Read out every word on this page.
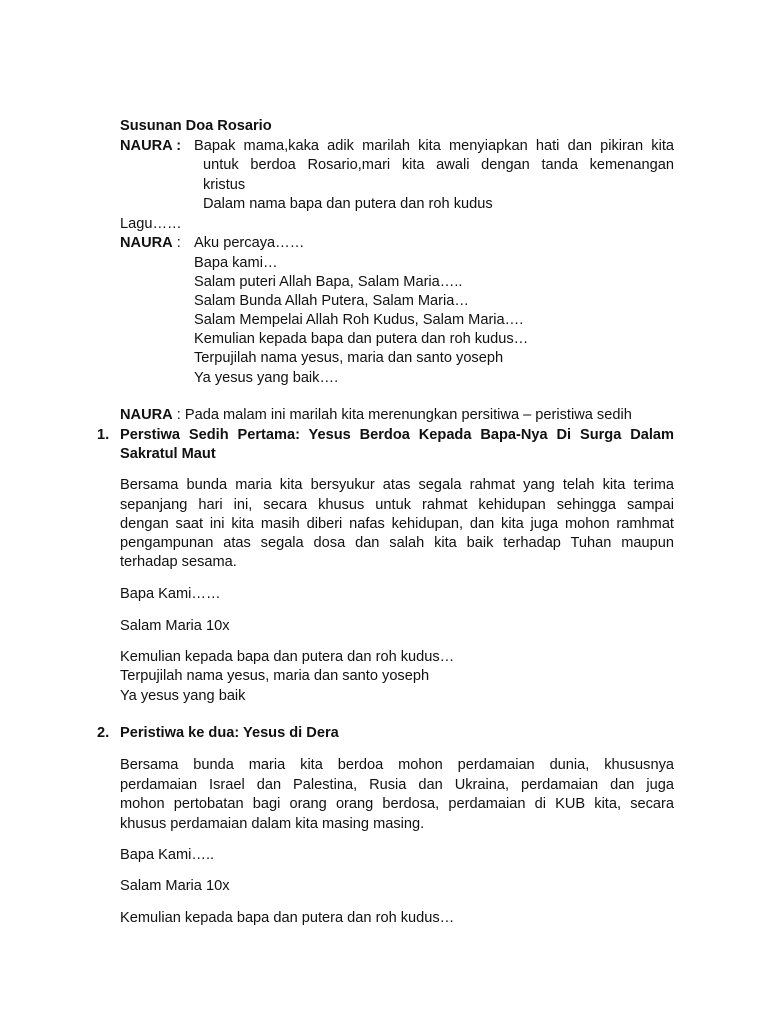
Susunan Doa Rosario
NAURA : Bapak mama,kaka adik marilah kita menyiapkan hati dan pikiran kita
untuk berdoa Rosario,mari kita awali dengan tanda kemenangan
kristus
Dalam nama bapa dan putera dan roh kudus
Lagu……
NAURA : Aku percaya……
Bapa kami…
Salam puteri Allah Bapa, Salam Maria…..
Salam Bunda Allah Putera, Salam Maria…
Salam Mempelai Allah Roh Kudus, Salam Maria….
Kemulian kepada bapa dan putera dan roh kudus…
Terpujilah nama yesus, maria dan santo yoseph
Ya yesus yang baik….
NAURA : Pada malam ini marilah kita merenungkan persitiwa – peristiwa sedih
1. Perstiwa Sedih Pertama: Yesus Berdoa Kepada Bapa-Nya Di Surga Dalam
Sakratul Maut
Bersama bunda maria kita bersyukur atas segala rahmat yang telah kita terima
sepanjang hari ini, secara khusus untuk rahmat kehidupan sehingga sampai
dengan saat ini kita masih diberi nafas kehidupan, dan kita juga mohon ramhmat
pengampunan atas segala dosa dan salah kita baik terhadap Tuhan maupun
terhadap sesama.
Bapa Kami……
Salam Maria 10x
Kemulian kepada bapa dan putera dan roh kudus…
Terpujilah nama yesus, maria dan santo yoseph
Ya yesus yang baik
2. Peristiwa ke dua: Yesus di Dera
Bersama bunda maria kita berdoa mohon perdamaian dunia, khususnya
perdamaian Israel dan Palestina, Rusia dan Ukraina, perdamaian dan juga
mohon pertobatan bagi orang orang berdosa, perdamaian di KUB kita, secara
khusus perdamaian dalam kita masing masing.
Bapa Kami…..
Salam Maria 10x
Kemulian kepada bapa dan putera dan roh kudus…
